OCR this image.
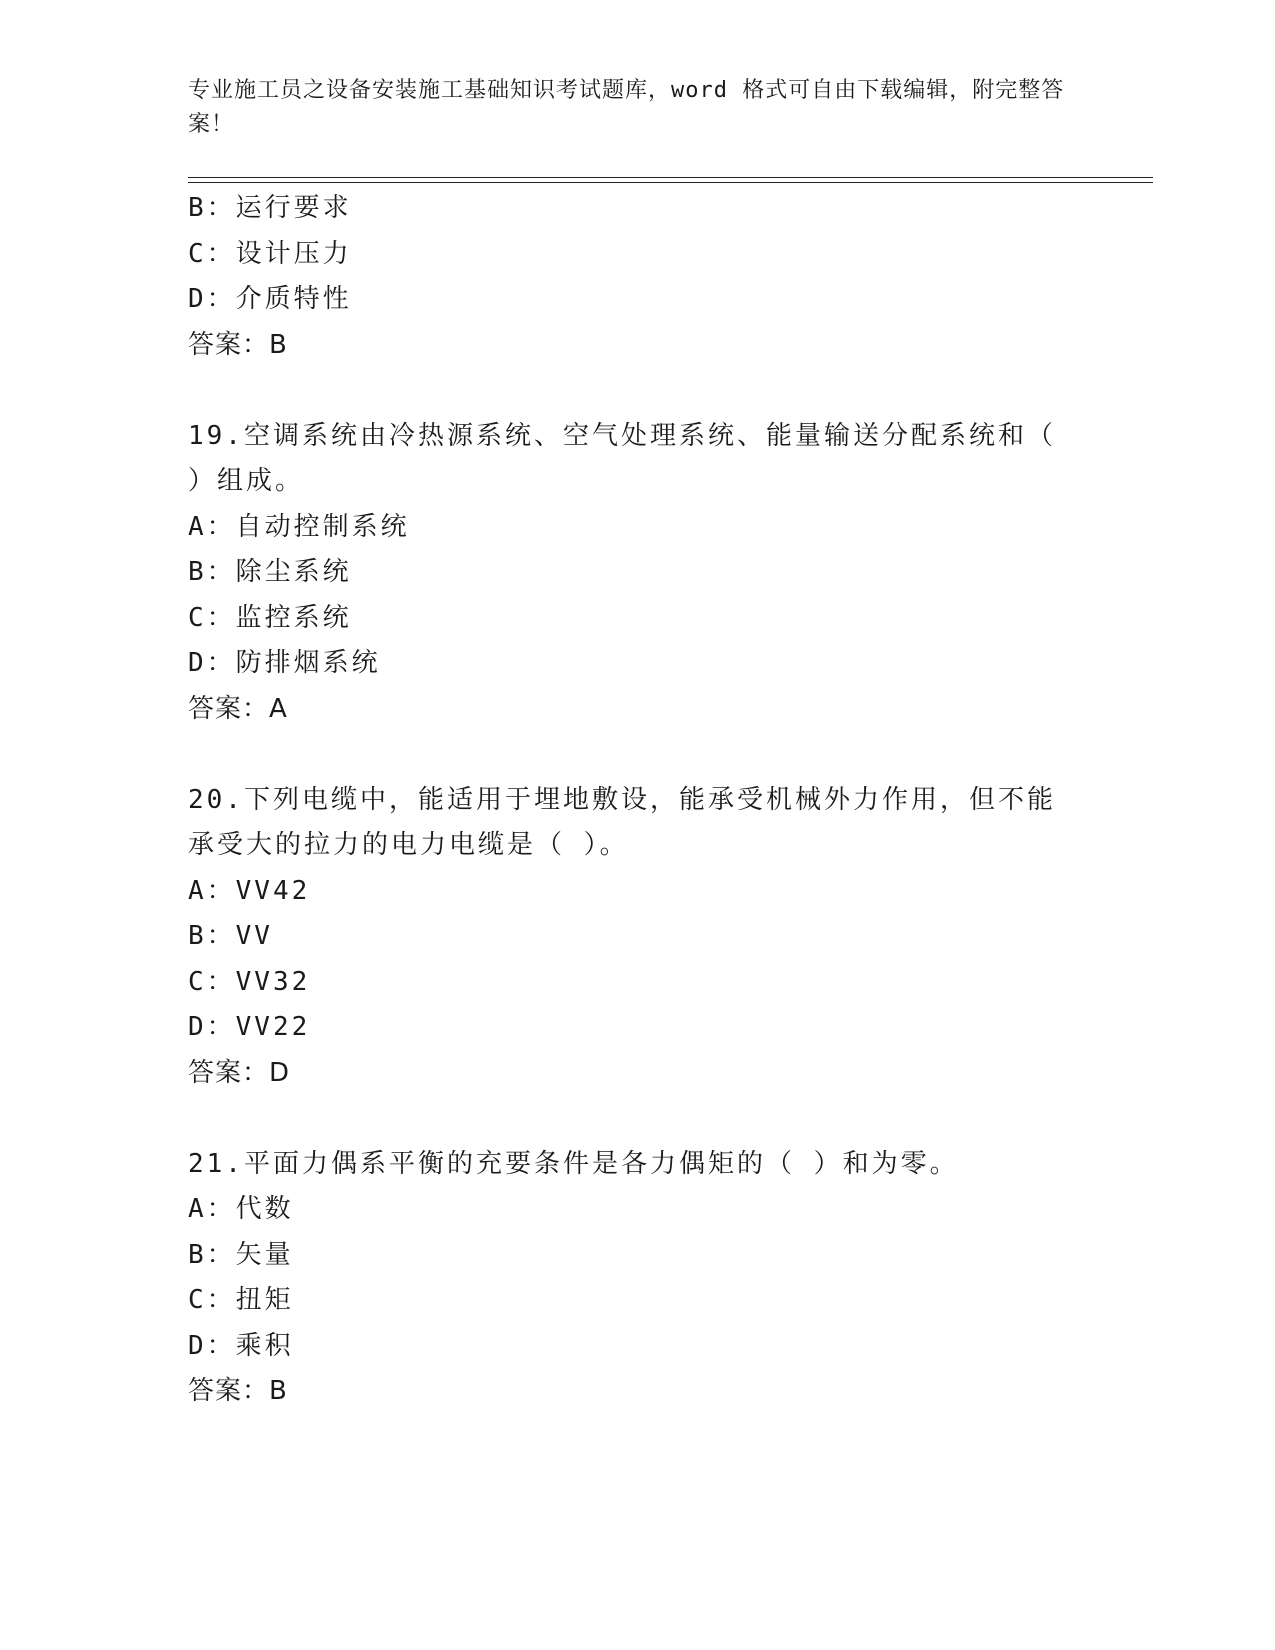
专业施工员之设备安装施工基础知识考试题库，word 格式可自由下载编辑，附完整答案！
B：运行要求
C：设计压力
D：介质特性
答案：B
19.空调系统由冷热源系统、空气处理系统、能量输送分配系统和（ ）组成。
A：自动控制系统
B：除尘系统
C：监控系统
D：防排烟系统
答案：A
20.下列电缆中，能适用于埋地敷设，能承受机械外力作用，但不能承受大的拉力的电力电缆是（ ）。
A：VV42
B：VV
C：VV32
D：VV22
答案：D
21.平面力偶系平衡的充要条件是各力偶矩的（ ）和为零。
A：代数
B：矢量
C：扭矩
D：乘积
答案：B
